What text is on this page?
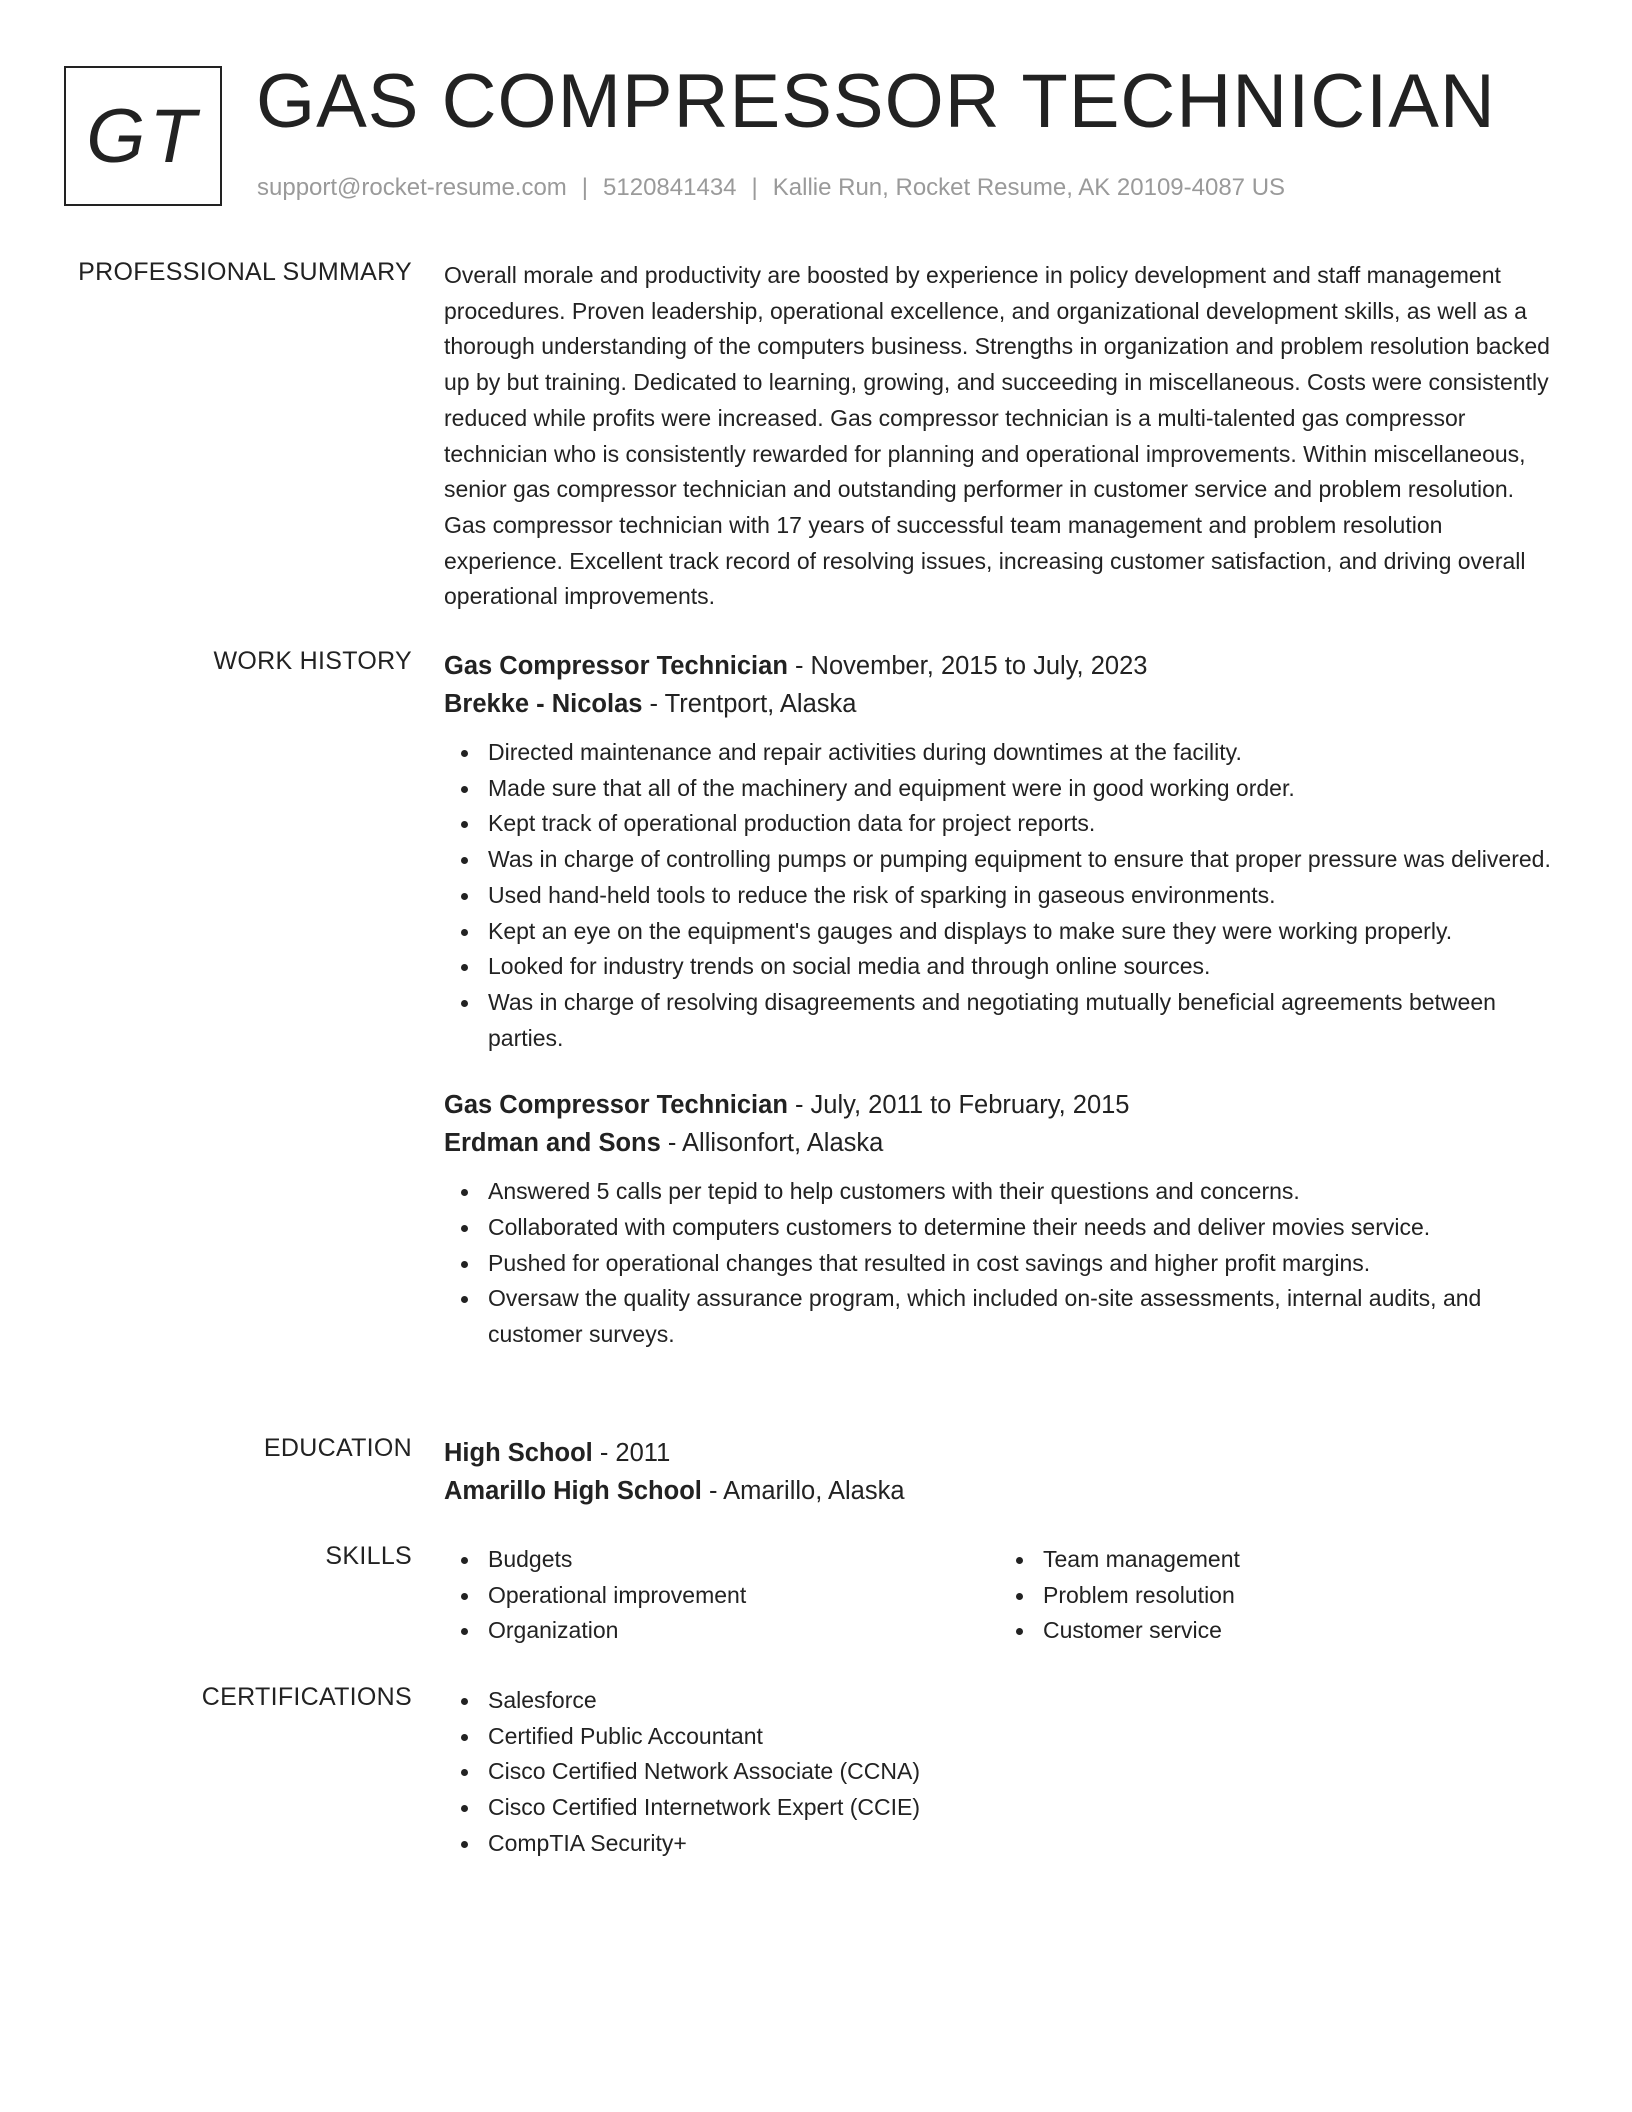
GT GAS COMPRESSOR TECHNICIAN
support@rocket-resume.com | 5120841434 | Kallie Run, Rocket Resume, AK 20109-4087 US
PROFESSIONAL SUMMARY Overall morale and productivity are boosted by experience in policy development and staff management procedures. Proven leadership, operational excellence, and organizational development skills, as well as a thorough understanding of the computers business. Strengths in organization and problem resolution backed up by but training. Dedicated to learning, growing, and succeeding in miscellaneous. Costs were consistently reduced while profits were increased. Gas compressor technician is a multi-talented gas compressor technician who is consistently rewarded for planning and operational improvements. Within miscellaneous, senior gas compressor technician and outstanding performer in customer service and problem resolution. Gas compressor technician with 17 years of successful team management and problem resolution experience. Excellent track record of resolving issues, increasing customer satisfaction, and driving overall operational improvements.

WORK HISTORY Gas Compressor Technician - November, 2015 to July, 2023
Brekke - Nicolas - Trentport, Alaska
Directed maintenance and repair activities during downtimes at the facility.
Made sure that all of the machinery and equipment were in good working order.
Kept track of operational production data for project reports.
Was in charge of controlling pumps or pumping equipment to ensure that proper pressure was delivered.
Used hand-held tools to reduce the risk of sparking in gaseous environments.
Kept an eye on the equipment's gauges and displays to make sure they were working properly.
Looked for industry trends on social media and through online sources.
Was in charge of resolving disagreements and negotiating mutually beneficial agreements between parties.
Gas Compressor Technician - July, 2011 to February, 2015
Erdman and Sons - Allisonfort, Alaska
Answered 5 calls per tepid to help customers with their questions and concerns.
Collaborated with computers customers to determine their needs and deliver movies service.
Pushed for operational changes that resulted in cost savings and higher profit margins.
Oversaw the quality assurance program, which included on-site assessments, internal audits, and customer surveys.
EDUCATION High School - 2011
Amarillo High School - Amarillo, Alaska
SKILLS	Budgets
Operational improvement
Organization
Team management
Problem resolution
Customer service
CERTIFICATIONS	Salesforce
Certified Public Accountant
Cisco Certified Network Associate (CCNA)
Cisco Certified Internetwork Expert (CCIE)
CompTIA Security+
